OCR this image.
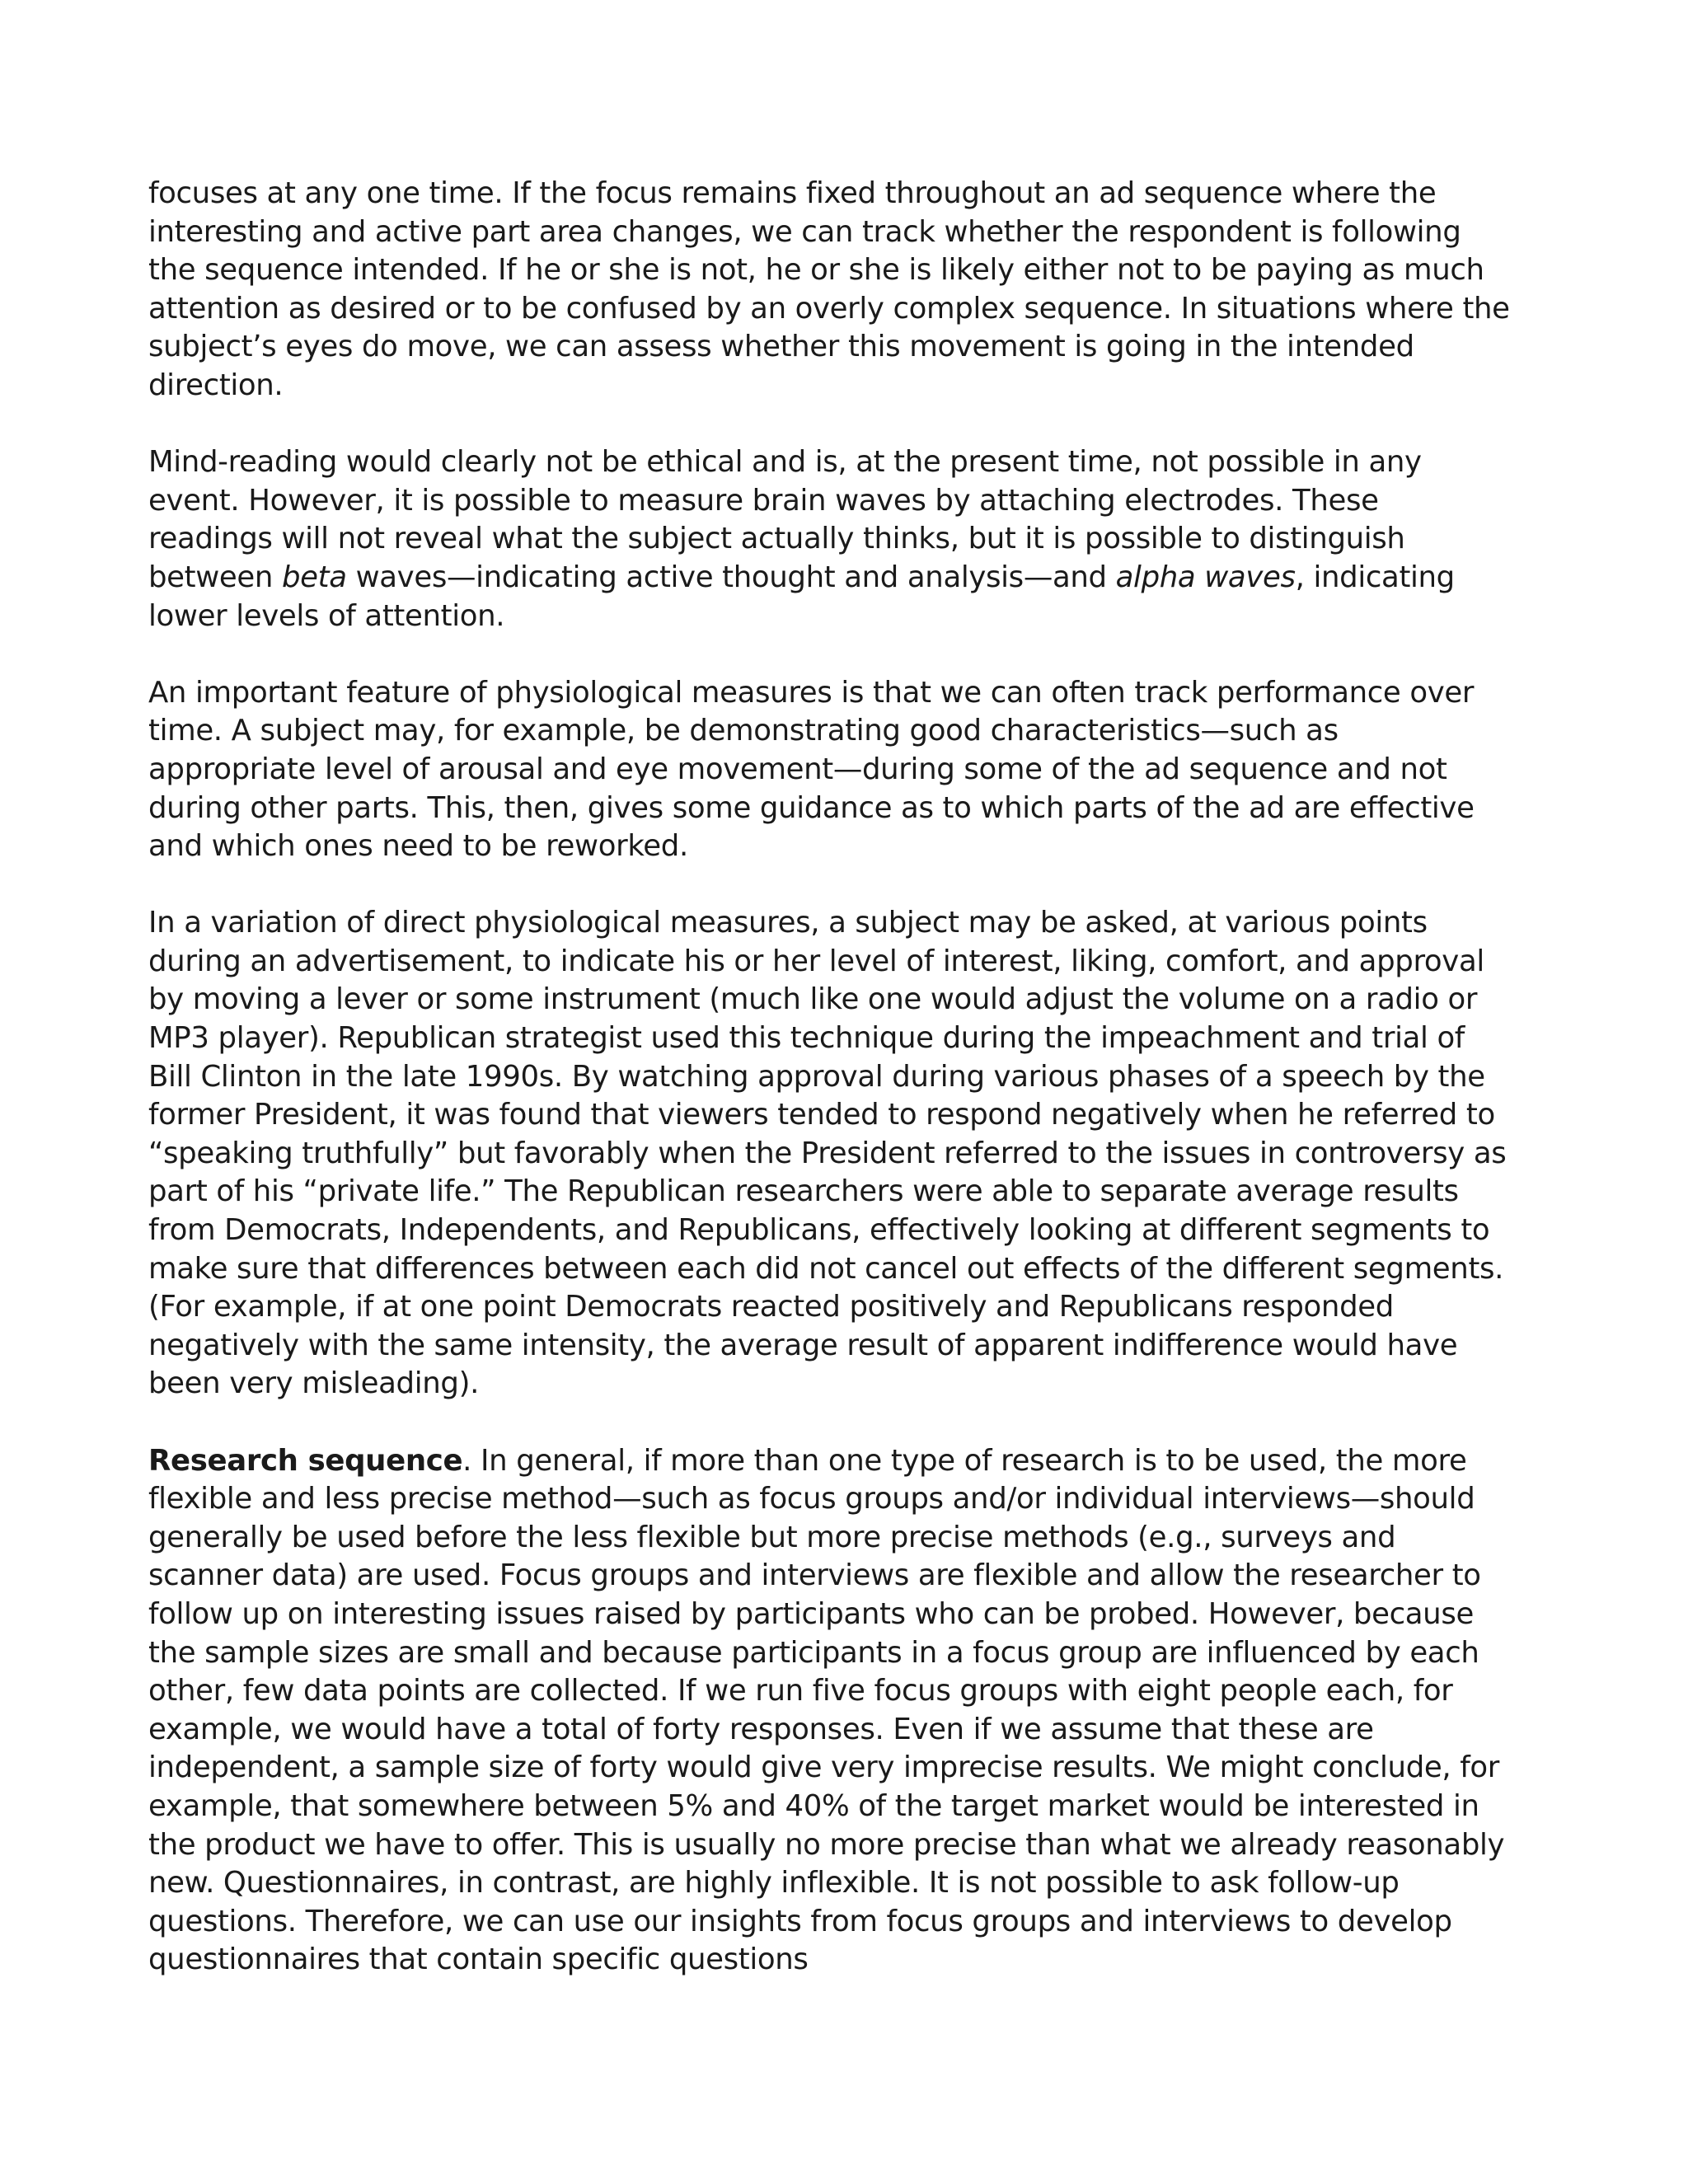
focuses at any one time. If the focus remains fixed throughout an ad sequence where the interesting and active part area changes, we can track whether the respondent is following the sequence intended. If he or she is not, he or she is likely either not to be paying as much attention as desired or to be confused by an overly complex sequence. In situations where the subject’s eyes do move, we can assess whether this movement is going in the intended direction.

Mind-reading would clearly not be ethical and is, at the present time, not possible in any event. However, it is possible to measure brain waves by attaching electrodes. These readings will not reveal what the subject actually thinks, but it is possible to distinguish between beta waves—indicating active thought and analysis—and alpha waves, indicating lower levels of attention.

An important feature of physiological measures is that we can often track performance over time. A subject may, for example, be demonstrating good characteristics—such as appropriate level of arousal and eye movement—during some of the ad sequence and not during other parts. This, then, gives some guidance as to which parts of the ad are effective and which ones need to be reworked.

In a variation of direct physiological measures, a subject may be asked, at various points during an advertisement, to indicate his or her level of interest, liking, comfort, and approval by moving a lever or some instrument (much like one would adjust the volume on a radio or MP3 player). Republican strategist used this technique during the impeachment and trial of Bill Clinton in the late 1990s. By watching approval during various phases of a speech by the former President, it was found that viewers tended to respond negatively when he referred to “speaking truthfully” but favorably when the President referred to the issues in controversy as part of his “private life.” The Republican researchers were able to separate average results from Democrats, Independents, and Republicans, effectively looking at different segments to make sure that differences between each did not cancel out effects of the different segments. (For example, if at one point Democrats reacted positively and Republicans responded negatively with the same intensity, the average result of apparent indifference would have been very misleading).

Research sequence. In general, if more than one type of research is to be used, the more flexible and less precise method—such as focus groups and/or individual interviews—should generally be used before the less flexible but more precise methods (e.g., surveys and scanner data) are used. Focus groups and interviews are flexible and allow the researcher to follow up on interesting issues raised by participants who can be probed. However, because the sample sizes are small and because participants in a focus group are influenced by each other, few data points are collected. If we run five focus groups with eight people each, for example, we would have a total of forty responses. Even if we assume that these are independent, a sample size of forty would give very imprecise results. We might conclude, for example, that somewhere between 5% and 40% of the target market would be interested in the product we have to offer. This is usually no more precise than what we already reasonably new. Questionnaires, in contrast, are highly inflexible. It is not possible to ask follow-up questions. Therefore, we can use our insights from focus groups and interviews to develop questionnaires that contain specific questions
